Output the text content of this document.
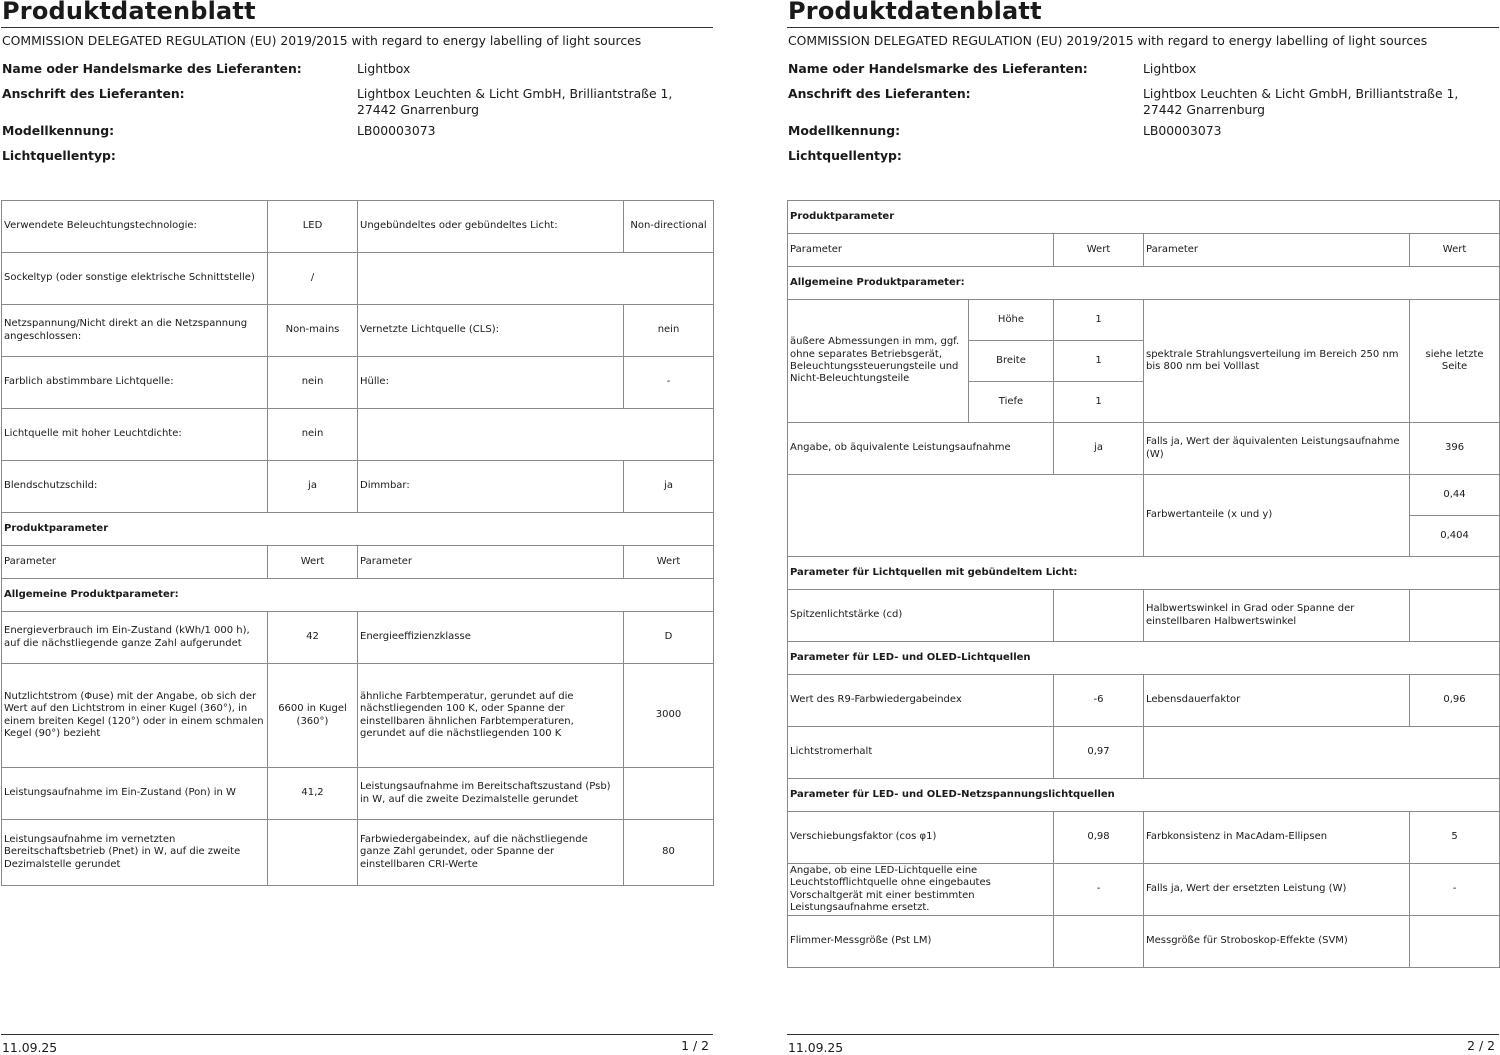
Produktdatenblatt
COMMISSION DELEGATED REGULATION (EU) 2019/2015 with regard to energy labelling of light sources
Name oder Handelsmarke des Lieferanten:	Lightbox
Anschrift des Lieferanten:	Lightbox Leuchten & Licht GmbH, Brilliantstraße 1, 27442 Gnarrenburg
Modellkennung:	LB00003073
Lichtquellentyp:
Verwendete Beleuchtungstechnologie:	LED	Ungebündeltes oder gebündeltes Licht:	Non-directional
Sockeltyp (oder sonstige elektrische Schnittstelle)	/		
Netzspannung/Nicht direkt an die Netzspannung angeschlossen:	Non-mains	Vernetzte Lichtquelle (CLS):	nein
Farblich abstimmbare Lichtquelle:	nein	Hülle:	-
Lichtquelle mit hoher Leuchtdichte:	nein		
Blendschutzschild:	ja	Dimmbar:	ja
Produktparameter			
Parameter	Wert	Parameter	Wert
Allgemeine Produktparameter:			
Energieverbrauch im Ein-Zustand (kWh/1 000 h), auf die nächstliegende ganze Zahl aufgerundet	42	Energieeffizienzklasse	D
Nutzlichtstrom (Φuse) mit der Angabe, ob sich der Wert auf den Lichtstrom in einer Kugel (360°), in einem breiten Kegel (120°) oder in einem schmalen Kegel (90°) bezieht	6600 in Kugel (360°)	ähnliche Farbtemperatur, gerundet auf die nächstliegenden 100 K, oder Spanne der einstellbaren ähnlichen Farbtemperaturen, gerundet auf die nächstliegenden 100 K	3000
Leistungsaufnahme im Ein-Zustand (Pon) in W	41,2	Leistungsaufnahme im Bereitschaftszustand (Psb) in W, auf die zweite Dezimalstelle gerundet	
Leistungsaufnahme im vernetzten Bereitschaftsbetrieb (Pnet) in W, auf die zweite Dezimalstelle gerundet		Farbwiedergabeindex, auf die nächstliegende ganze Zahl gerundet, oder Spanne der einstellbaren CRI-Werte	80
11.09.25	1 / 2
Produktdatenblatt
COMMISSION DELEGATED REGULATION (EU) 2019/2015 with regard to energy labelling of light sources
Name oder Handelsmarke des Lieferanten:	Lightbox
Anschrift des Lieferanten:	Lightbox Leuchten & Licht GmbH, Brilliantstraße 1, 27442 Gnarrenburg
Modellkennung:	LB00003073
Lichtquellentyp:
Produktparameter				
Parameter		Wert	Parameter	Wert
Allgemeine Produktparameter:				
äußere Abmessungen in mm, ggf. ohne separates Betriebsgerät, Beleuchtungssteuerungsteile und Nicht-Beleuchtungsteile	Höhe	1	spektrale Strahlungsverteilung im Bereich 250 nm bis 800 nm bei Volllast	siehe letzte Seite
	Breite	1		
	Tiefe	1		
Angabe, ob äquivalente Leistungsaufnahme		ja	Falls ja, Wert der äquivalenten Leistungsaufnahme (W)	396
			Farbwertanteile (x und y)	0,44
				0,404
Parameter für Lichtquellen mit gebündeltem Licht:				
Spitzenlichtstärke (cd)			Halbwertswinkel in Grad oder Spanne der einstellbaren Halbwertswinkel	
Parameter für LED- und OLED-Lichtquellen				
Wert des R9-Farbwiedergabeindex		-6	Lebensdauerfaktor	0,96
Lichtstromerhalt		0,97		
Parameter für LED- und OLED-Netzspannungslichtquellen				
Verschiebungsfaktor (cos φ1)		0,98	Farbkonsistenz in MacAdam-Ellipsen	5
Angabe, ob eine LED-Lichtquelle eine Leuchtstofflichtquelle ohne eingebautes Vorschaltgerät mit einer bestimmten Leistungsaufnahme ersetzt.		-	Falls ja, Wert der ersetzten Leistung (W)	-
Flimmer-Messgröße (Pst LM)			Messgröße für Stroboskop-Effekte (SVM)	
11.09.25	2 / 2
